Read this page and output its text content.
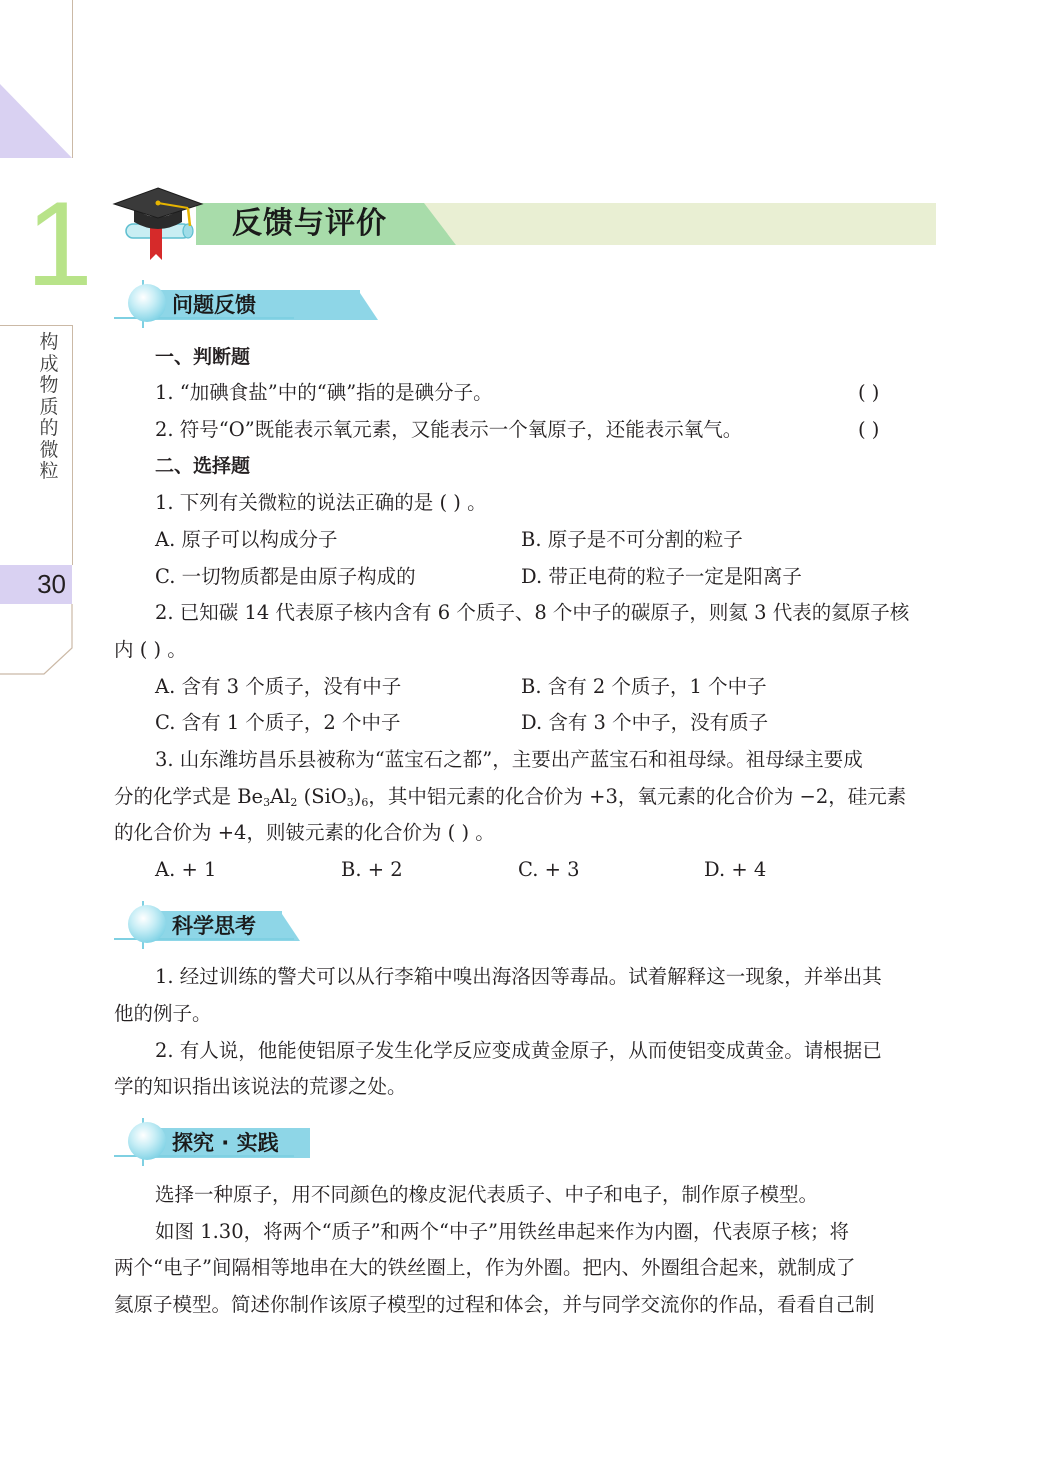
1
构成物质的微粒
30
反馈与评价
问题反馈
一、判断题
1. “加碘食盐”中的“碘”指的是碘分子。	( )
2. 符号“O”既能表示氧元素，又能表示一个氧原子，还能表示氧气。	( )
二、选择题
1. 下列有关微粒的说法正确的是 ( ) 。
A. 原子可以构成分子	B. 原子是不可分割的粒子
C. 一切物质都是由原子构成的	D. 带正电荷的粒子一定是阳离子
2. 已知碳 14 代表原子核内含有 6 个质子、8 个中子的碳原子，则氦 3 代表的氦原子核
内 ( ) 。
A. 含有 3 个质子，没有中子	B. 含有 2 个质子，1 个中子
C. 含有 1 个质子，2 个中子	D. 含有 3 个中子，没有质子
3. 山东潍坊昌乐县被称为“蓝宝石之都”，主要出产蓝宝石和祖母绿。祖母绿主要成
分的化学式是 $Be_3Al_2$ $(SiO_3)_6$，其中铝元素的化合价为 +3，氧元素的化合价为 −2，硅元素
的化合价为 +4，则铍元素的化合价为 ( ) 。
A. + 1	B. + 2	C. + 3	D. + 4
科学思考
1. 经过训练的警犬可以从行李箱中嗅出海洛因等毒品。试着解释这一现象，并举出其
他的例子。
2. 有人说，他能使铝原子发生化学反应变成黄金原子，从而使铝变成黄金。请根据已
学的知识指出该说法的荒谬之处。
探究 · 实践
选择一种原子，用不同颜色的橡皮泥代表质子、中子和电子，制作原子模型。
如图 1.30，将两个“质子”和两个“中子”用铁丝串起来作为内圈，代表原子核；将
两个“电子”间隔相等地串在大的铁丝圈上，作为外圈。把内、外圈组合起来，就制成了
氦原子模型。简述你制作该原子模型的过程和体会，并与同学交流你的作品，看看自己制
